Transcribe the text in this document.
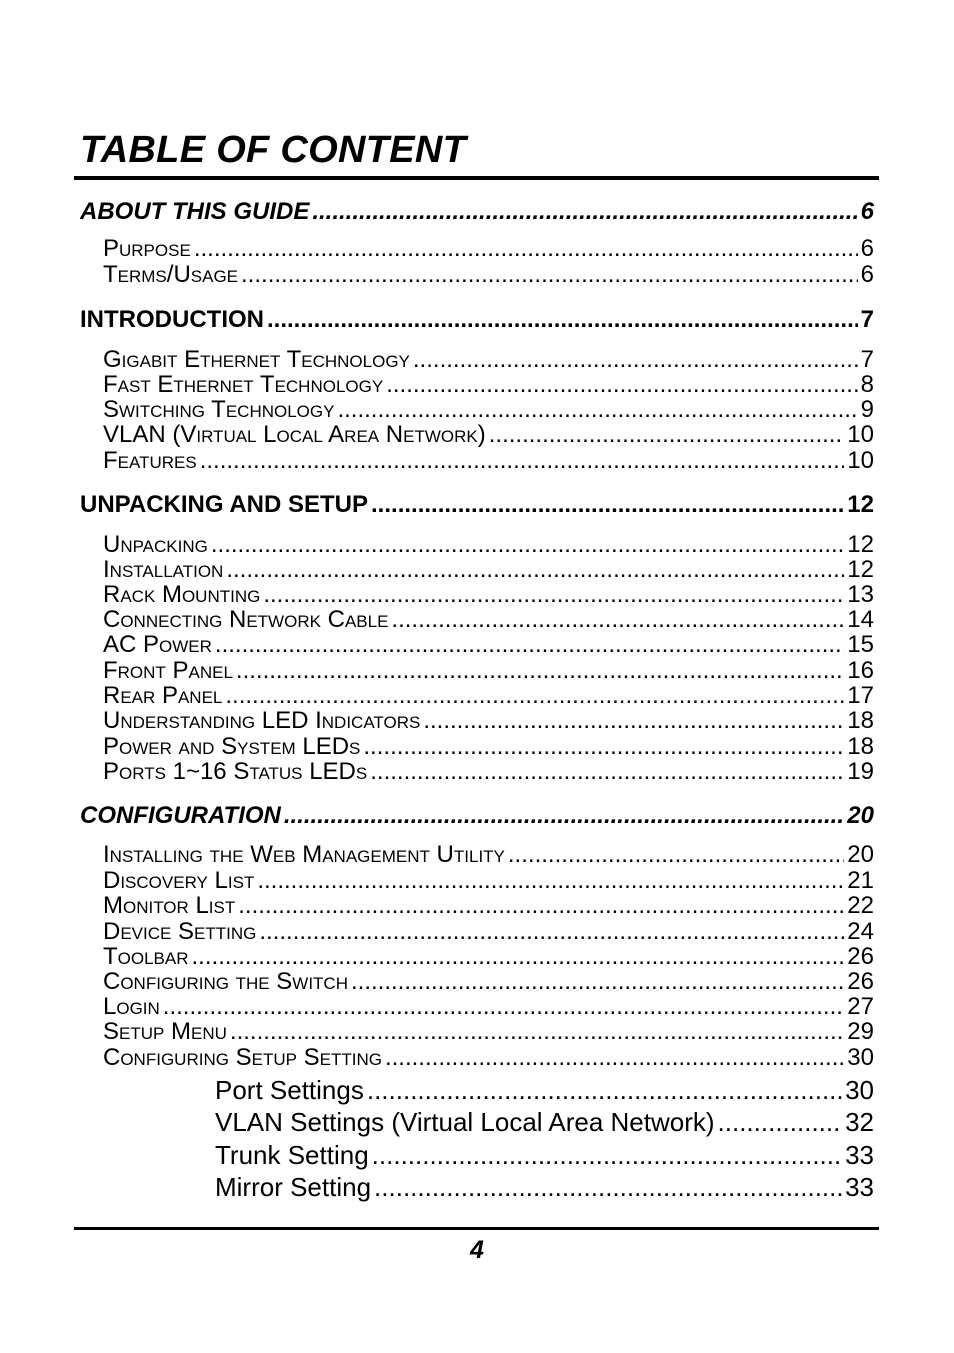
TABLE OF CONTENT
ABOUT THIS GUIDE .....	6
Purpose .....	6
Terms/Usage .....	6
INTRODUCTION .....	7
Gigabit Ethernet Technology .....	7
Fast Ethernet Technology .....	8
Switching Technology .....	9
VLAN (Virtual Local Area Network) .....	10
Features .....	10
UNPACKING AND SETUP .....	12
Unpacking .....	12
Installation .....	12
Rack Mounting .....	13
Connecting Network Cable .....	14
AC Power .....	15
Front Panel .....	16
Rear Panel .....	17
Understanding LED Indicators .....	18
Power and System LEDs .....	18
Ports 1~16 Status LEDs .....	19
CONFIGURATION .....	20
Installing the Web Management Utility .....	20
Discovery List .....	21
Monitor List .....	22
Device Setting .....	24
Toolbar .....	26
Configuring the Switch .....	26
Login .....	27
Setup Menu .....	29
Configuring Setup Setting .....	30
Port Settings .....	30
VLAN Settings (Virtual Local Area Network) .....	32
Trunk Setting .....	33
Mirror Setting .....	33
4
